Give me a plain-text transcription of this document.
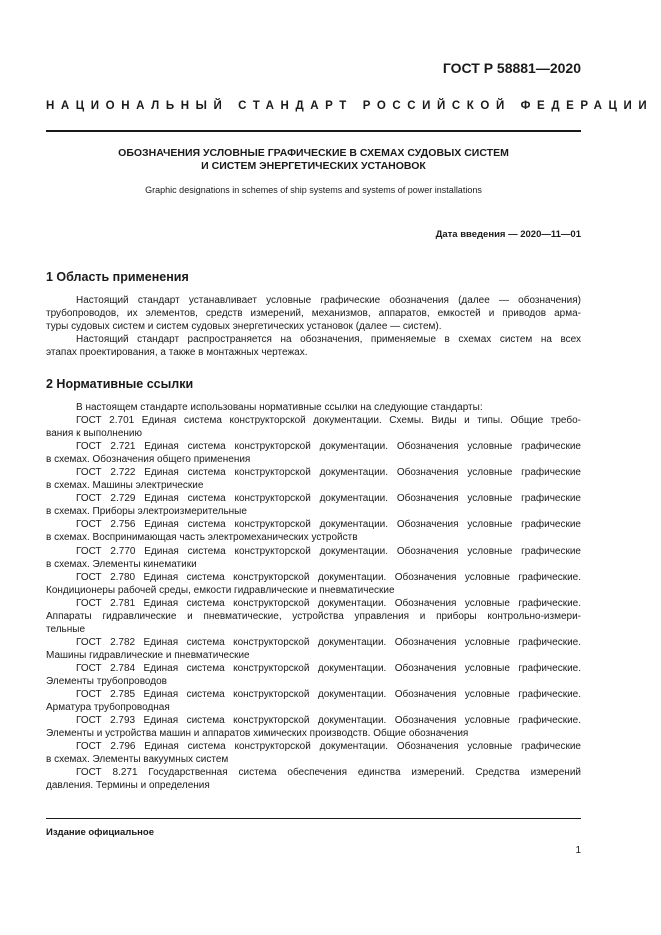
ГОСТ Р 58881—2020
НАЦИОНАЛЬНЫЙ СТАНДАРТ РОССИЙСКОЙ ФЕДЕРАЦИИ
ОБОЗНАЧЕНИЯ УСЛОВНЫЕ ГРАФИЧЕСКИЕ В СХЕМАХ СУДОВЫХ СИСТЕМ
И СИСТЕМ ЭНЕРГЕТИЧЕСКИХ УСТАНОВОК
Graphic designations in schemes of ship systems and systems of power installations
Дата введения — 2020—11—01
1 Область применения
Настоящий стандарт устанавливает условные графические обозначения (далее — обозначения)
трубопроводов, их элементов, средств измерений, механизмов, аппаратов, емкостей и приводов арма-
туры судовых систем и систем судовых энергетических установок (далее — систем).
Настоящий стандарт распространяется на обозначения, применяемые в схемах систем на всех
этапах проектирования, а также в монтажных чертежах.
2 Нормативные ссылки
В настоящем стандарте использованы нормативные ссылки на следующие стандарты:
ГОСТ 2.701 Единая система конструкторской документации. Схемы. Виды и типы. Общие требо-
вания к выполнению
ГОСТ 2.721 Единая система конструкторской документации. Обозначения условные графические
в схемах. Обозначения общего применения
ГОСТ 2.722 Единая система конструкторской документации. Обозначения условные графические
в схемах. Машины электрические
ГОСТ 2.729 Единая система конструкторской документации. Обозначения условные графические
в схемах. Приборы электроизмерительные
ГОСТ 2.756 Единая система конструкторской документации. Обозначения условные графические
в схемах. Воспринимающая часть электромеханических устройств
ГОСТ 2.770 Единая система конструкторской документации. Обозначения условные графические
в схемах. Элементы кинематики
ГОСТ 2.780 Единая система конструкторской документации. Обозначения условные графические.
Кондиционеры рабочей среды, емкости гидравлические и пневматические
ГОСТ 2.781 Единая система конструкторской документации. Обозначения условные графические.
Аппараты гидравлические и пневматические, устройства управления и приборы контрольно-измери-
тельные
ГОСТ 2.782 Единая система конструкторской документации. Обозначения условные графические.
Машины гидравлические и пневматические
ГОСТ 2.784 Единая система конструкторской документации. Обозначения условные графические.
Элементы трубопроводов
ГОСТ 2.785 Единая система конструкторской документации. Обозначения условные графические.
Арматура трубопроводная
ГОСТ 2.793 Единая система конструкторской документации. Обозначения условные графические.
Элементы и устройства машин и аппаратов химических производств. Общие обозначения
ГОСТ 2.796 Единая система конструкторской документации. Обозначения условные графические
в схемах. Элементы вакуумных систем
ГОСТ 8.271 Государственная система обеспечения единства измерений. Средства измерений
давления. Термины и определения
Издание официальное
1
